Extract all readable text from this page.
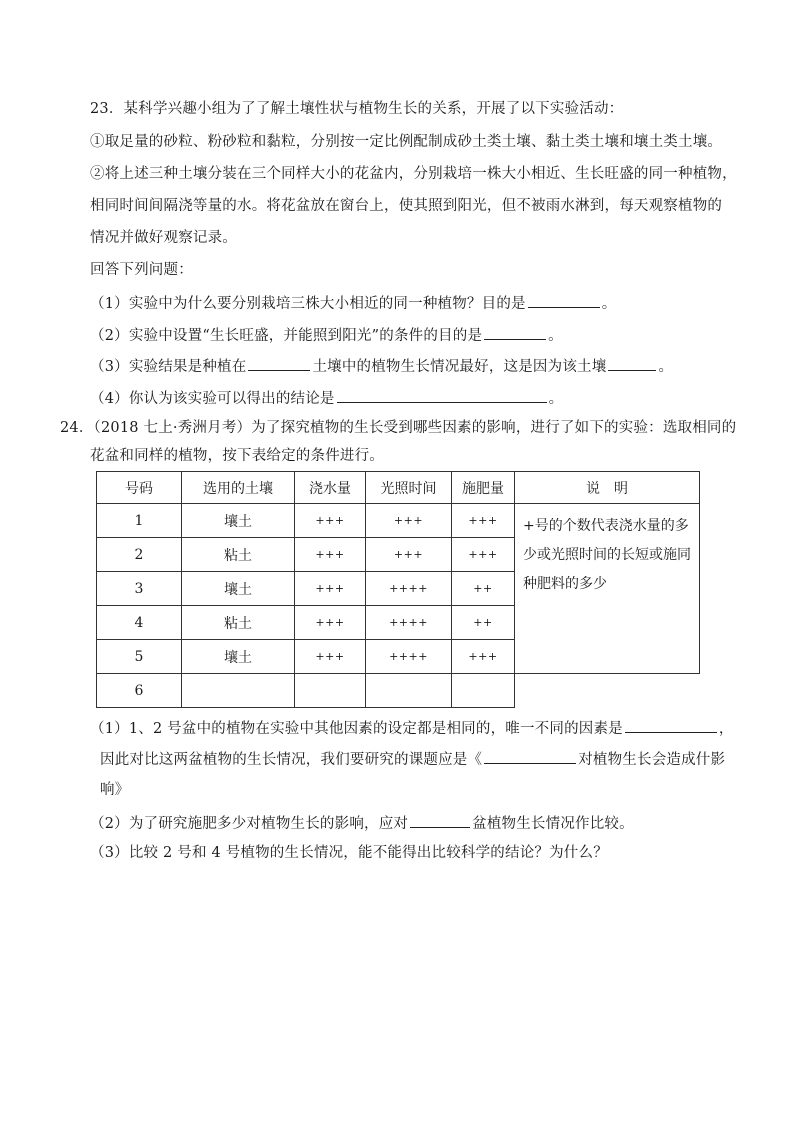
23．某科学兴趣小组为了了解土壤性状与植物生长的关系，开展了以下实验活动：
①取足量的砂粒、粉砂粒和黏粒，分别按一定比例配制成砂土类土壤、黏土类土壤和壤土类土壤。
②将上述三种土壤分装在三个同样大小的花盆内，分别栽培一株大小相近、生长旺盛的同一种植物，
相同时间间隔浇等量的水。将花盆放在窗台上，使其照到阳光，但不被雨水淋到，每天观察植物的
情况并做好观察记录。
回答下列问题：
（1）实验中为什么要分别栽培三株大小相近的同一种植物？目的是	。
（2）实验中设置“生长旺盛，并能照到阳光”的条件的目的是	。
（3）实验结果是种植在	土壤中的植物生长情况最好，这是因为该土壤	。
（4）你认为该实验可以得出的结论是	。
24．（2018 七上·秀洲月考）为了探究植物的生长受到哪些因素的影响，进行了如下的实验：选取相同的
花盆和同样的植物，按下表给定的条件进行。
号码	选用的土壤	浇水量	光照时间	施肥量	说　明
1	壤土	+++	+++	+++	+号的个数代表浇水量的多少或光照时间的长短或施同种肥料的多少
2	粘土	+++	+++	+++	
3	壤土	+++	++++	++	
4	粘土	+++	++++	++	
5	壤土	+++	++++	+++	
6					
（1）1、2 号盆中的植物在实验中其他因素的设定都是相同的，唯一不同的因素是	，
因此对比这两盆植物的生长情况，我们要研究的课题应是《	对植物生长会造成什影
响》
（2）为了研究施肥多少对植物生长的影响，应对	盆植物生长情况作比较。
（3）比较 2 号和 4 号植物的生长情况，能不能得出比较科学的结论？为什么？
